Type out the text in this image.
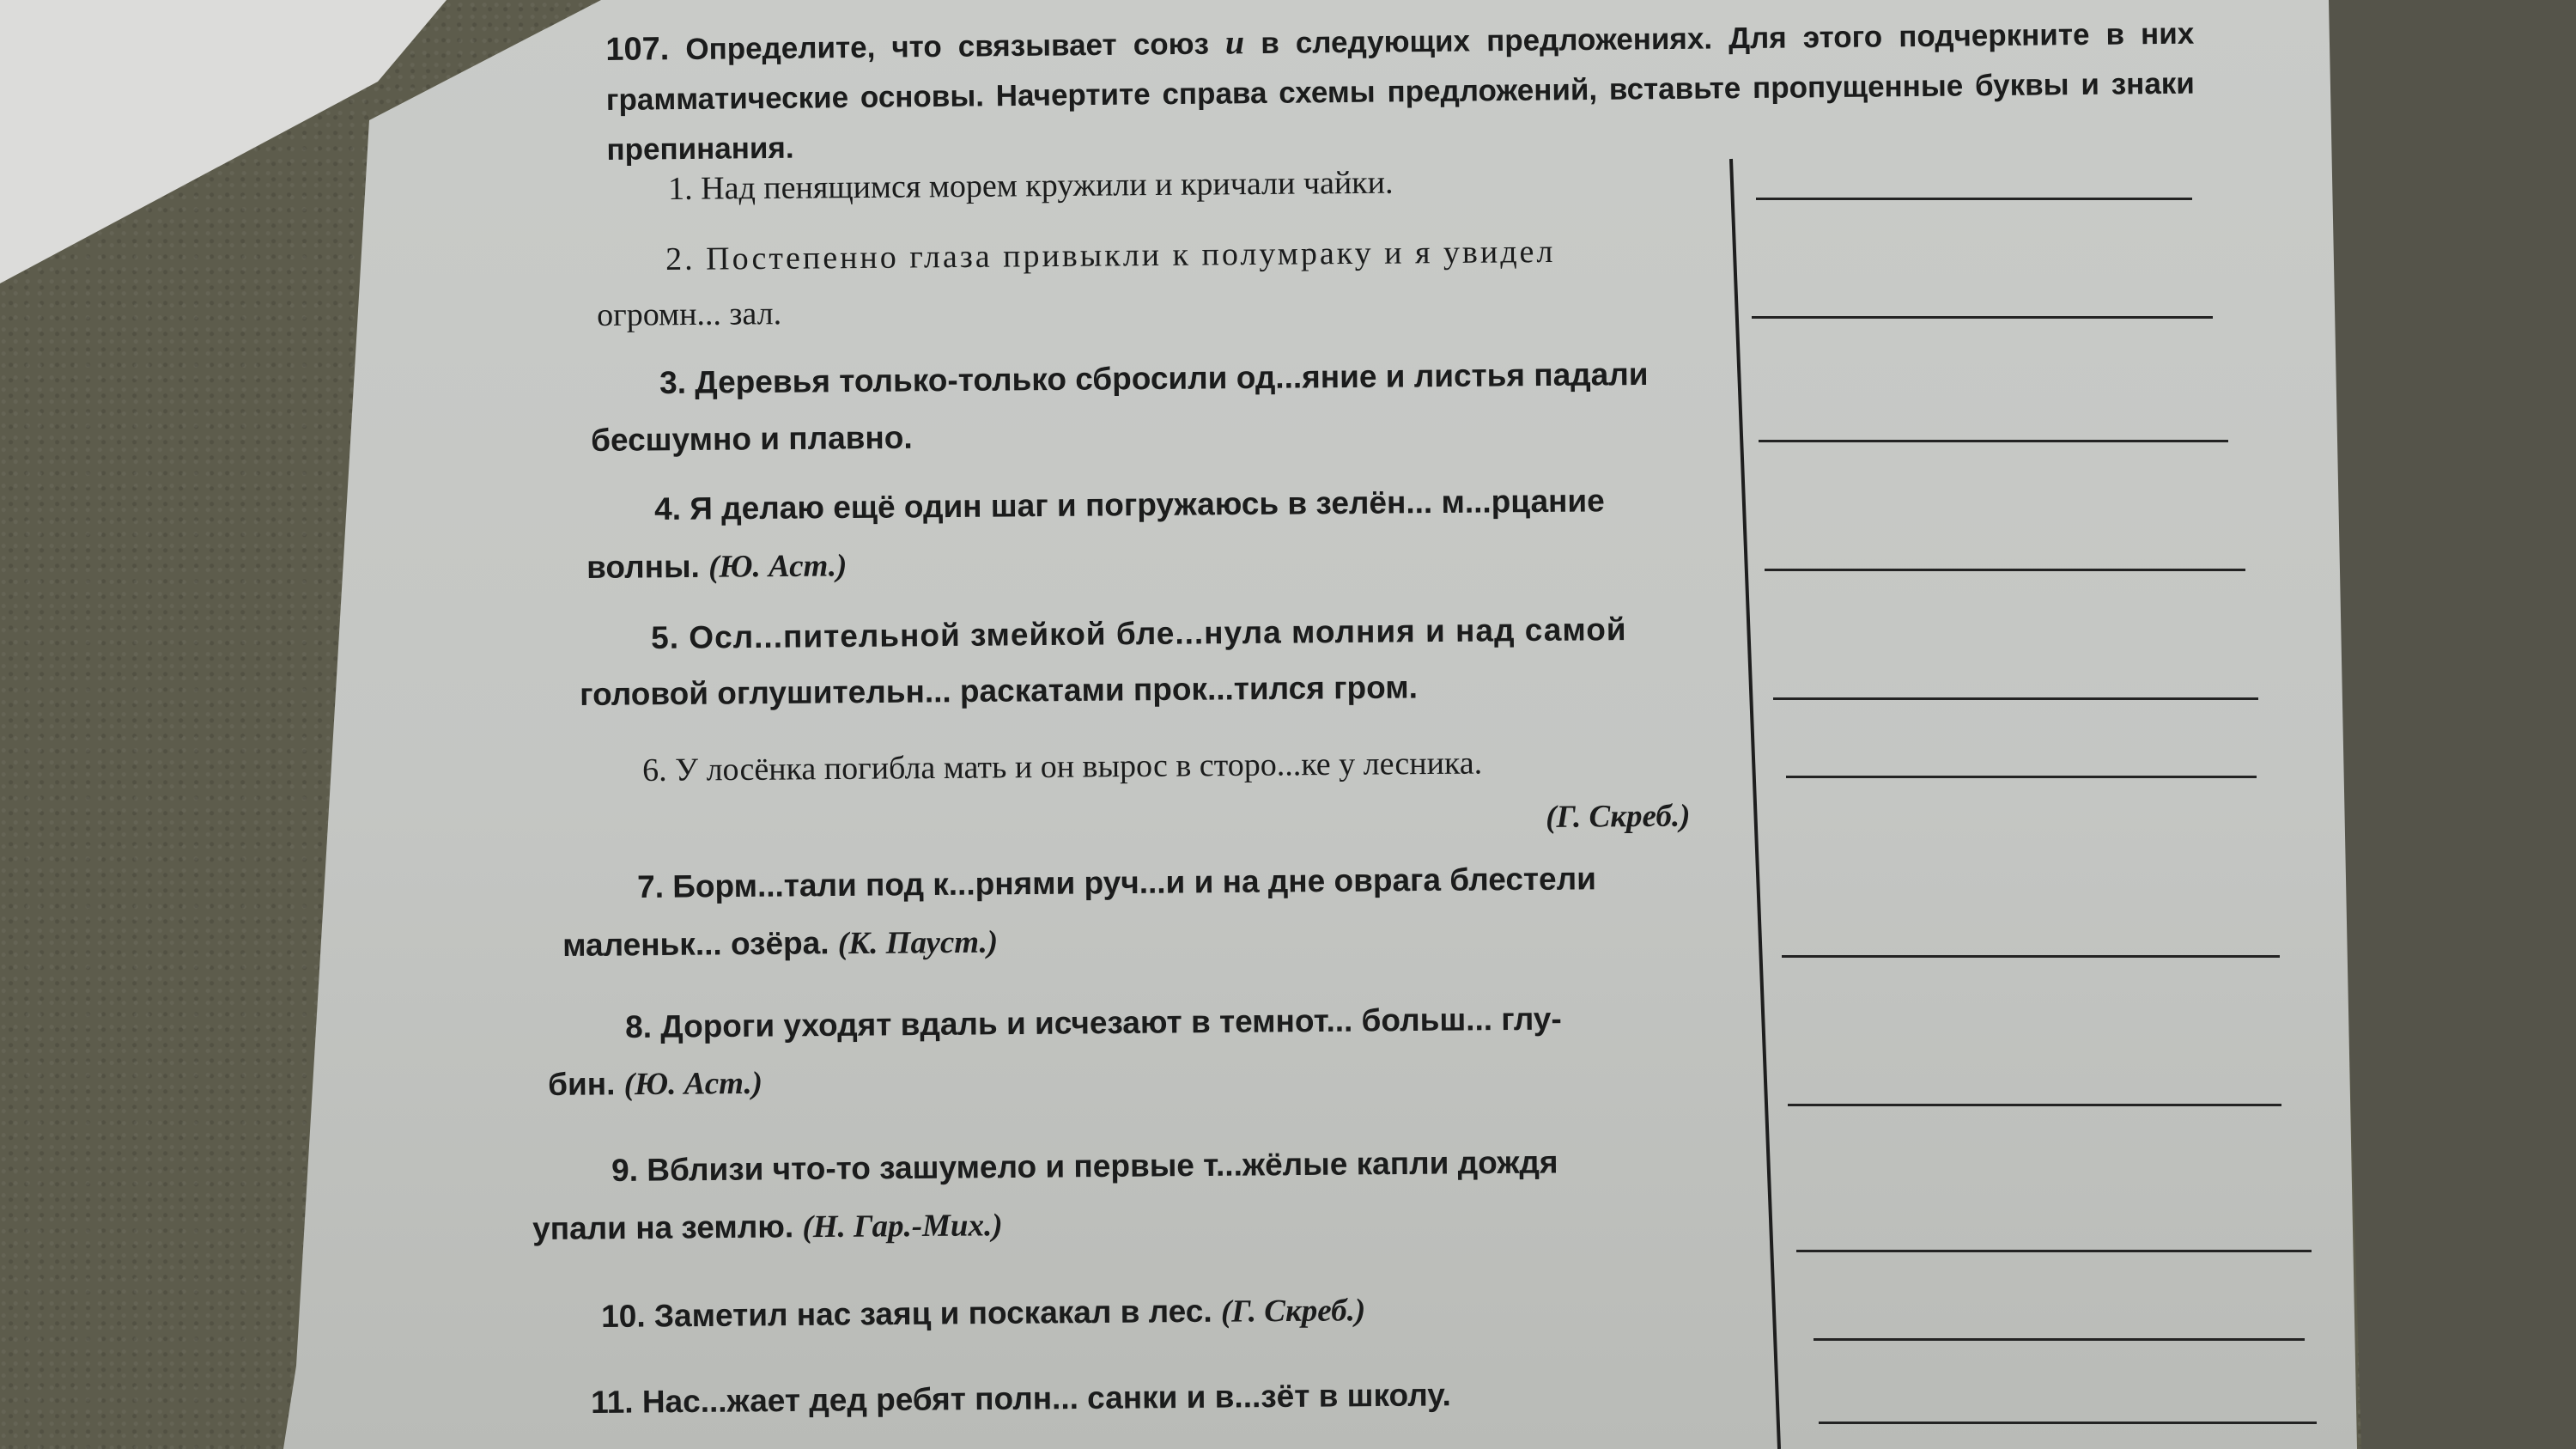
107. Определите, что связывает союз и в следующих предложениях. Для этого подчеркните в них грамматические основы. Начертите справа схемы предложений, вставьте пропущенные буквы и знаки препинания.
1. Над пенящимся морем кружили и кричали чайки.
2. Постепенно глаза привыкли к полумраку и я увидел
огромн... зал.
3. Деревья только-только сбросили од...яние и листья падали
бесшумно и плавно.
4. Я делаю ещё один шаг и погружаюсь в зелён... м...рцание
волны. (Ю. Аст.)
5. Осл...пительной змейкой бле...нула молния и над самой
головой оглушительн... раскатами прок...тился гром.
6. У лосёнка погибла мать и он вырос в сторо...ке у лесника.
(Г. Скреб.)
7. Борм...тали под к...рнями руч...и и на дне оврага блестели
маленьк... озёра. (К. Пауст.)
8. Дороги уходят вдаль и исчезают в темнот... больш... глу-
бин. (Ю. Аст.)
9. Вблизи что-то зашумело и первые т...жёлые капли дождя
упали на землю. (Н. Гар.-Мих.)
10. Заметил нас заяц и поскакал в лес. (Г. Скреб.)
11. Нас...жает дед ребят полн... санки и в...зёт в школу.
